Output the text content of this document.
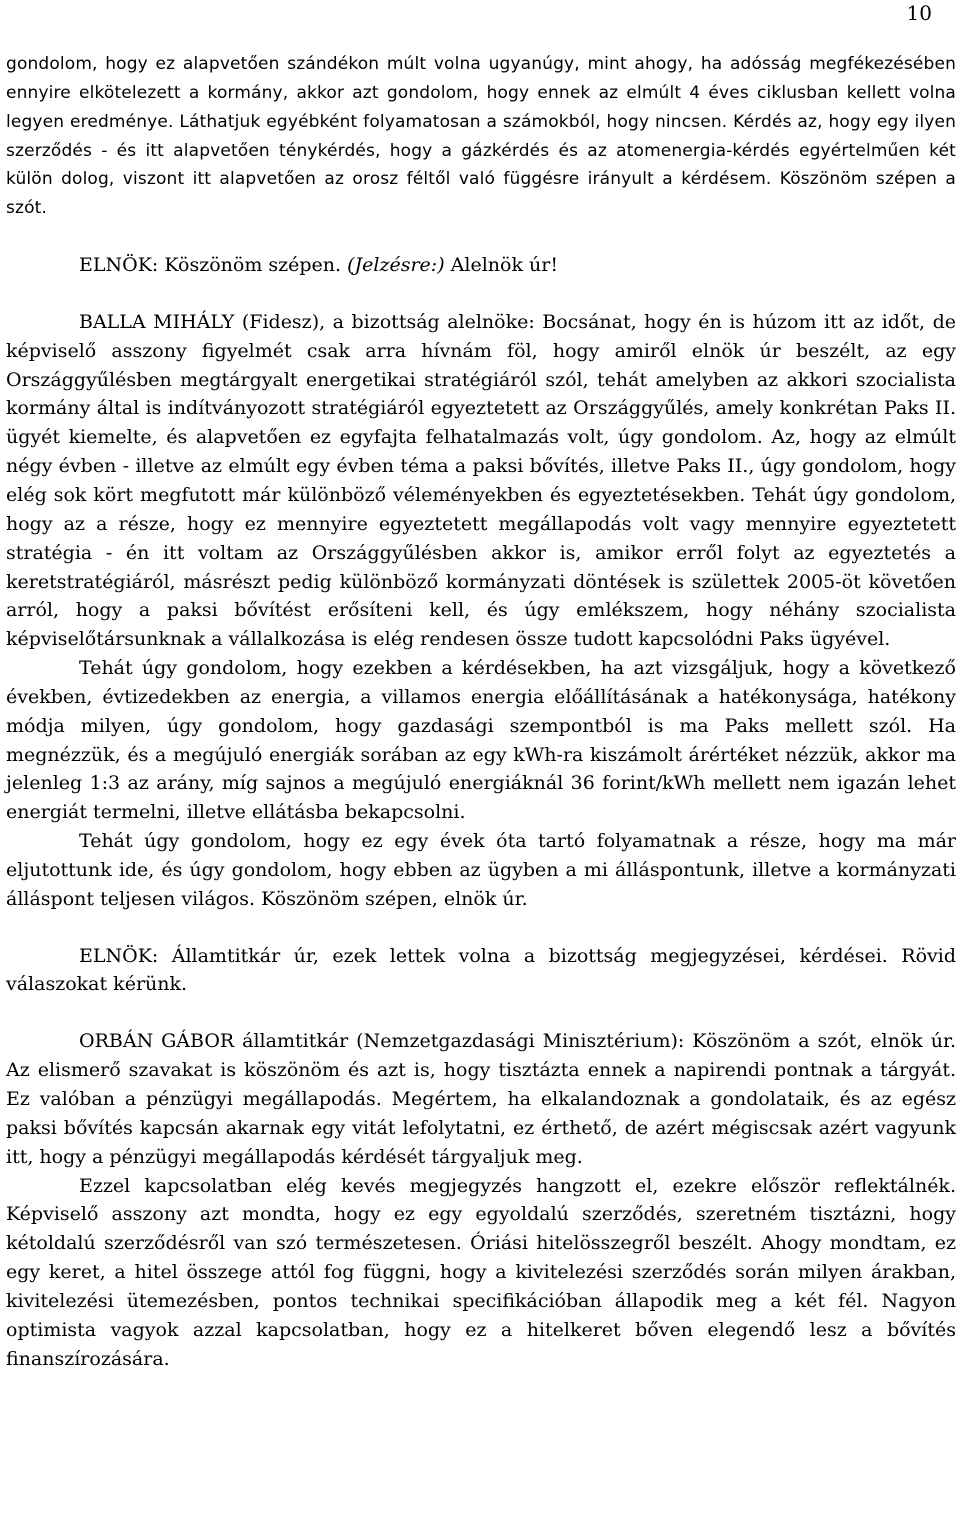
10

gondolom, hogy ez alapvetően szándékon múlt volna ugyanúgy, mint ahogy, ha adósság megfékezésében ennyire elkötelezett a kormány, akkor azt gondolom, hogy ennek az elmúlt 4 éves ciklusban kellett volna legyen eredménye. Láthatjuk egyébként folyamatosan a számokból, hogy nincsen. Kérdés az, hogy egy ilyen szerződés - és itt alapvetően ténykérdés, hogy a gázkérdés és az atomenergia-kérdés egyértelműen két külön dolog, viszont itt alapvetően az orosz féltől való függésre irányult a kérdésem. Köszönöm szépen a szót.

ELNÖK: Köszönöm szépen. (Jelzésre:) Alelnök úr!

BALLA MIHÁLY (Fidesz), a bizottság alelnöke: Bocsánat, hogy én is húzom itt az időt, de képviselő asszony figyelmét csak arra hívnám föl, hogy amiről elnök úr beszélt, az egy Országgyűlésben megtárgyalt energetikai stratégiáról szól, tehát amelyben az akkori szocialista kormány által is indítványozott stratégiáról egyeztetett az Országgyűlés, amely konkrétan Paks II. ügyét kiemelte, és alapvetően ez egyfajta felhatalmazás volt, úgy gondolom. Az, hogy az elmúlt négy évben - illetve az elmúlt egy évben téma a paksi bővítés, illetve Paks II., úgy gondolom, hogy elég sok kört megfutott már különböző véleményekben és egyeztetésekben. Tehát úgy gondolom, hogy az a része, hogy ez mennyire egyeztetett megállapodás volt vagy mennyire egyeztetett stratégia - én itt voltam az Országgyűlésben akkor is, amikor erről folyt az egyeztetés a keretstratégiáról, másrészt pedig különböző kormányzati döntések is születtek 2005-öt követően arról, hogy a paksi bővítést erősíteni kell, és úgy emlékszem, hogy néhány szocialista képviselőtársunknak a vállalkozása is elég rendesen össze tudott kapcsolódni Paks ügyével.

Tehát úgy gondolom, hogy ezekben a kérdésekben, ha azt vizsgáljuk, hogy a következő években, évtizedekben az energia, a villamos energia előállításának a hatékonysága, hatékony módja milyen, úgy gondolom, hogy gazdasági szempontból is ma Paks mellett szól. Ha megnézzük, és a megújuló energiák sorában az egy kWh-ra kiszámolt árértéket nézzük, akkor ma jelenleg 1:3 az arány, míg sajnos a megújuló energiáknál 36 forint/kWh mellett nem igazán lehet energiát termelni, illetve ellátásba bekapcsolni.

Tehát úgy gondolom, hogy ez egy évek óta tartó folyamatnak a része, hogy ma már eljutottunk ide, és úgy gondolom, hogy ebben az ügyben a mi álláspontunk, illetve a kormányzati álláspont teljesen világos. Köszönöm szépen, elnök úr.

ELNÖK: Államtitkár úr, ezek lettek volna a bizottság megjegyzései, kérdései. Rövid válaszokat kérünk.

ORBÁN GÁBOR államtitkár (Nemzetgazdasági Minisztérium): Köszönöm a szót, elnök úr. Az elismerő szavakat is köszönöm és azt is, hogy tisztázta ennek a napirendi pontnak a tárgyát. Ez valóban a pénzügyi megállapodás. Megértem, ha elkalandoznak a gondolataik, és az egész paksi bővítés kapcsán akarnak egy vitát lefolytatni, ez érthető, de azért mégiscsak azért vagyunk itt, hogy a pénzügyi megállapodás kérdését tárgyaljuk meg.

Ezzel kapcsolatban elég kevés megjegyzés hangzott el, ezekre először reflektálnék. Képviselő asszony azt mondta, hogy ez egy egyoldalú szerződés, szeretném tisztázni, hogy kétoldalú szerződésről van szó természetesen. Óriási hitelösszegről beszélt. Ahogy mondtam, ez egy keret, a hitel összege attól fog függni, hogy a kivitelezési szerződés során milyen árakban, kivitelezési ütemezésben, pontos technikai specifikációban állapodik meg a két fél. Nagyon optimista vagyok azzal kapcsolatban, hogy ez a hitelkeret bőven elegendő lesz a bővítés finanszírozására.
